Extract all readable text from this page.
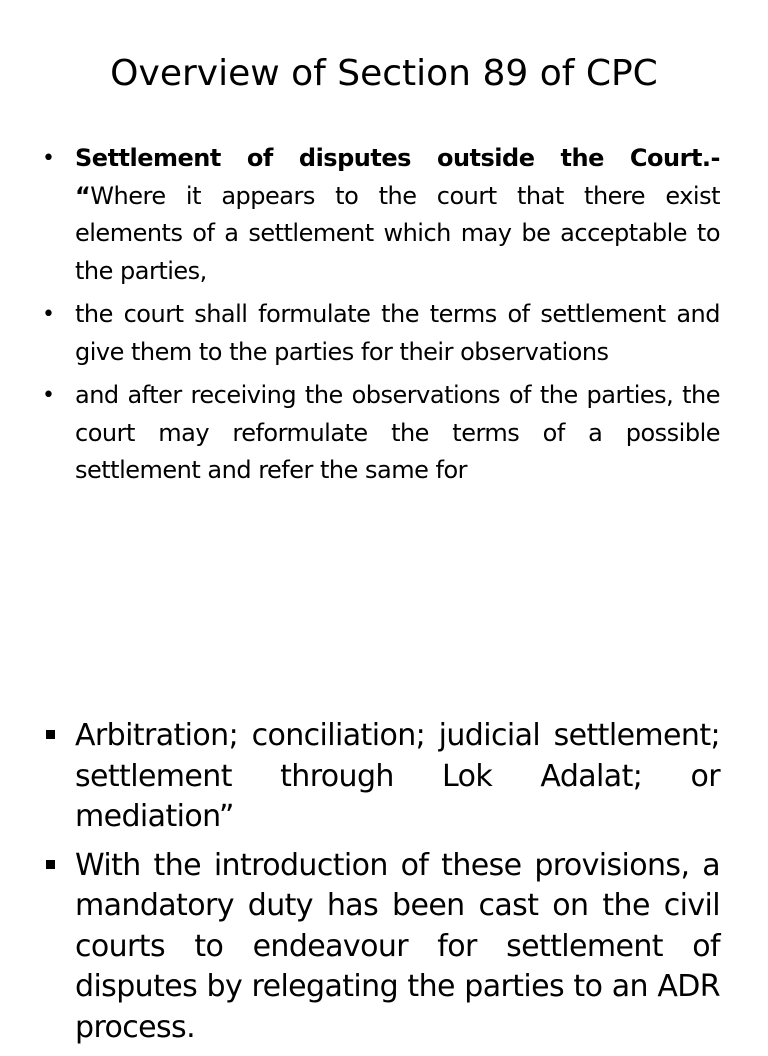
Overview of Section 89 of CPC
• Settlement of disputes outside the Court.- “Where it appears to the court that there exist elements of a settlement which may be acceptable to the parties,
• the court shall formulate the terms of settlement and give them to the parties for their observations
• and after receiving the observations of the parties, the court may reformulate the terms of a possible settlement and refer the same for
Arbitration; conciliation; judicial settlement; settlement through Lok Adalat; or mediation”
With the introduction of these provisions, a mandatory duty has been cast on the civil courts to endeavour for settlement of disputes by relegating the parties to an ADR process.
